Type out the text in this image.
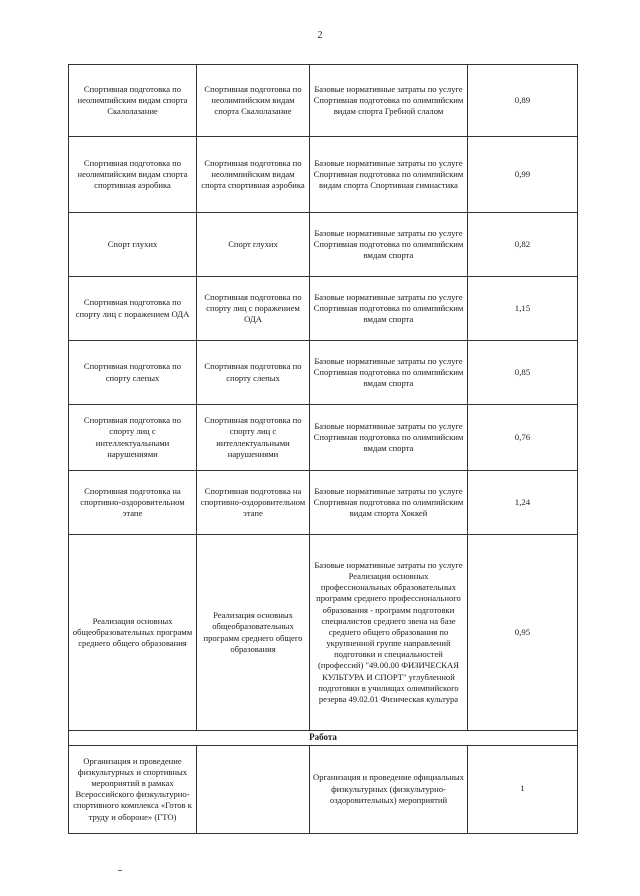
2
Спортивная подготовка по неолимпийским видам спорта Скалолазание	Спортивная подготовка по неолимпийским видам спорта Скалолазание	Базовые нормативные затраты по услуге Спортивная подготовка по олимпийским видам спорта Гребной слалом	0,89
Спортивная подготовка по неолимпийским видам спорта спортивная аэробика	Спортивная подготовка по неолимпийским видам спорта спортивная аэробика	Базовые нормативные затраты по услуге Спортивная подготовка по олимпийским видам спорта Спортивная гимнастика	0,99
Спорт глухих	Спорт глухих	Базовые нормативные затраты по услуге Спортивная подготовка по олимпийским вмдам спорта	0,82
Спортивная подготовка по спорту лиц с поражением ОДА	Спортивная подготовка по спорту лиц с поражением ОДА	Базовые нормативные затраты по услуге Спортивная подготовка по олимпийским вмдам спорта	1,15
Спортивная подготовка по спорту слепых	Спортивная подготовка по спорту слепых	Базовые нормативные затраты по услуге Спортивная подготовка по олимпийским вмдам спорта	0,85
Спортивная подготовка по спорту лиц с интеллектуальными нарушениями	Спортивная подготовка по спорту лиц с интеллектуальными нарушениями	Базовые нормативные затраты по услуге Спортивная подготовка по олимпийским вмдам спорта	0,76
Спортивная подготовка на спортивно-оздоровительном этапе	Спортивная подготовка на спортивно-оздоровительном этапе	Базовые нормативные затраты по услуге Спортивная подготовка по олимпийским видам спорта Хоккей	1,24
Реализация основных общеобразовательных программ среднего общего образования	Реализация основных общеобразовательных программ среднего общего образования	Базовые нормативные затраты по услуге Реализация основных профессиональных образовательных программ среднего профессионального образования - программ подготовки специалистов среднего звена на базе среднего общего образования по укрупненной группе направлений подготовки и специальностей (профессий) "49.00.00 ФИЗИЧЕСКАЯ КУЛЬТУРА И СПОРТ" углубленной подготовки в училищах олимпийского резерва 49.02.01 Физическая культура	0,95
Работа			
Организация и проведение физкультурных и спортивных мероприятий в рамках Всероссийского физкультурно-спортивного комплекса «Готов к труду и обороне» (ГТО)		Организация и проведение официальных физкультурных (физкультурно-оздоровительных) мероприятий	1
